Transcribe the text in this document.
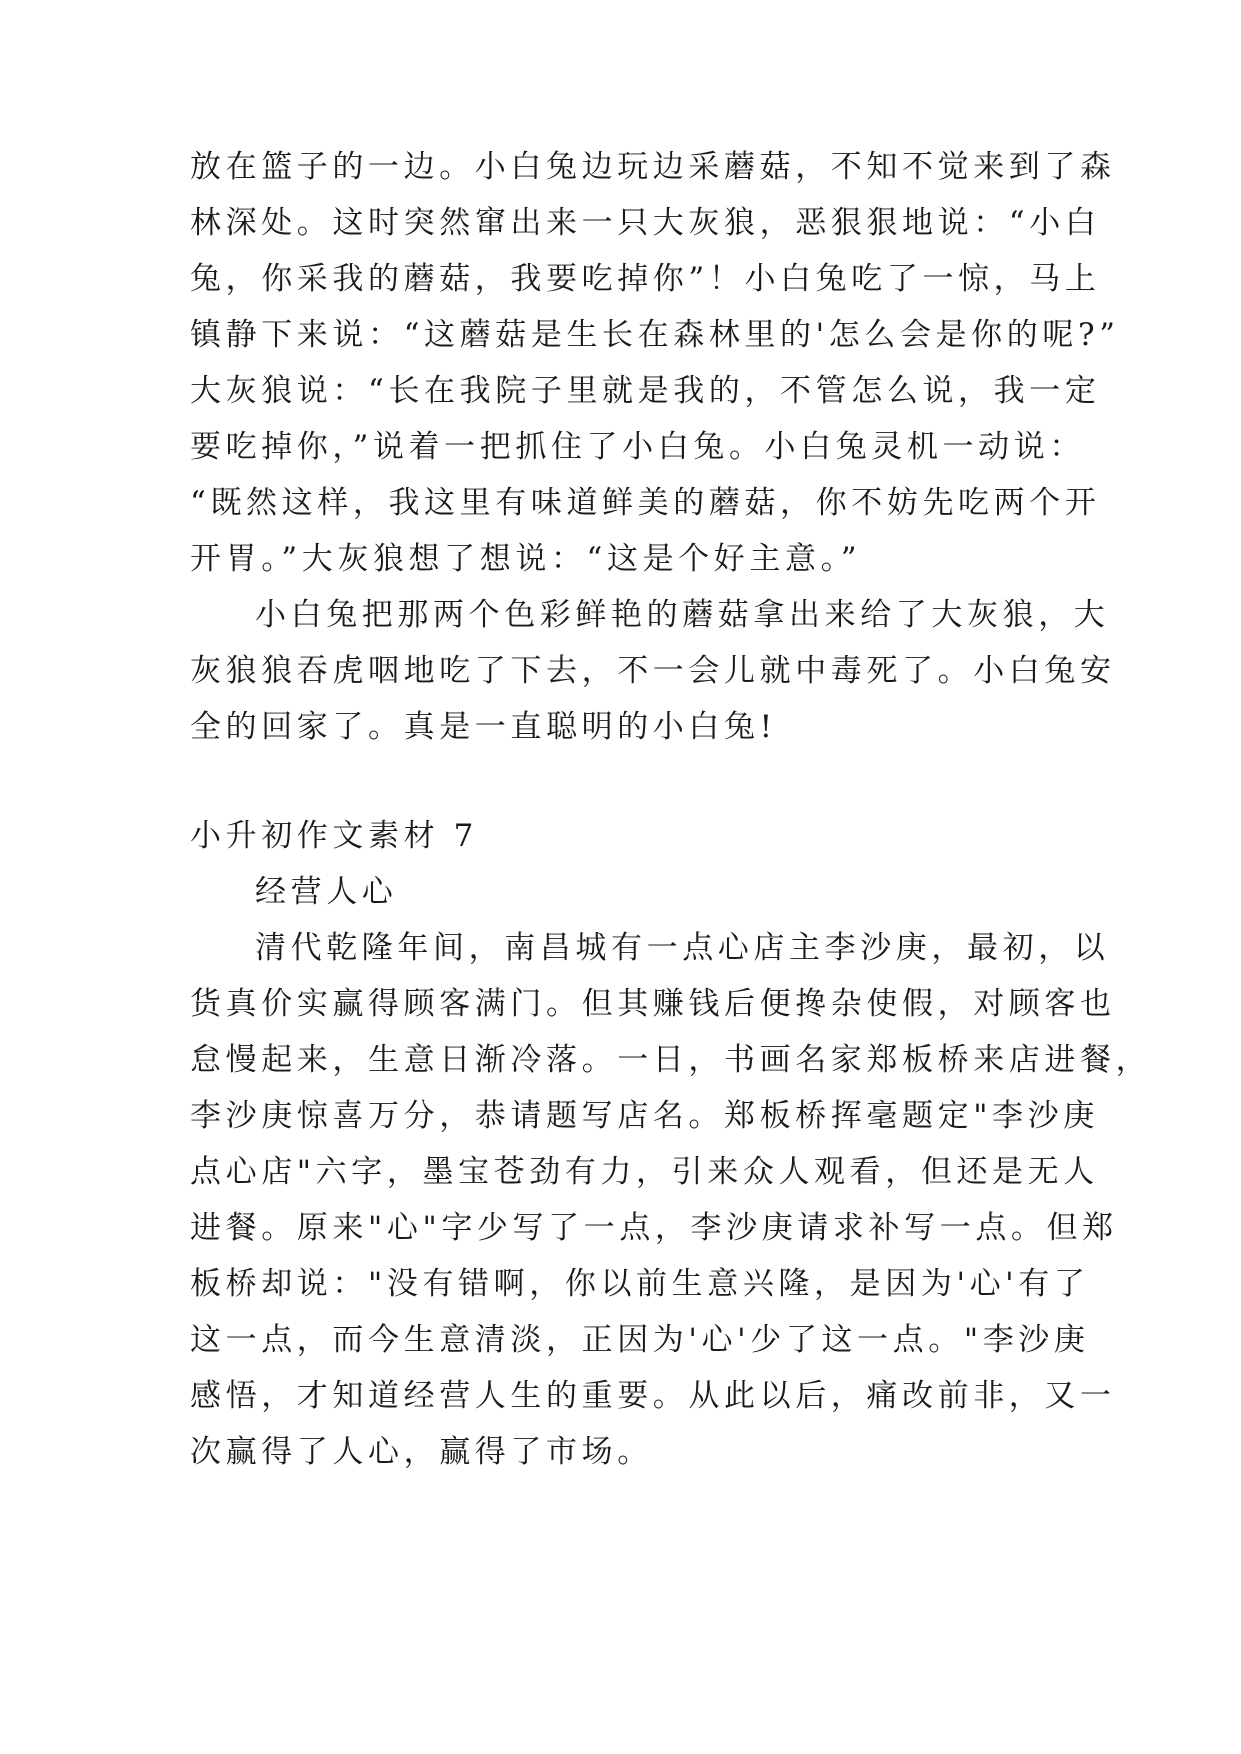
放在篮子的一边。小白兔边玩边采蘑菇，不知不觉来到了森
林深处。这时突然窜出来一只大灰狼，恶狠狠地说：“小白
兔，你采我的蘑菇，我要吃掉你”！小白兔吃了一惊，马上
镇静下来说：“这蘑菇是生长在森林里的'怎么会是你的呢?”
大灰狼说：“长在我院子里就是我的，不管怎么说，我一定
要吃掉你，”说着一把抓住了小白兔。小白兔灵机一动说：
“既然这样，我这里有味道鲜美的蘑菇，你不妨先吃两个开
开胃。”大灰狼想了想说：“这是个好主意。”
小白兔把那两个色彩鲜艳的蘑菇拿出来给了大灰狼，大
灰狼狼吞虎咽地吃了下去，不一会儿就中毒死了。小白兔安
全的回家了。真是一直聪明的小白兔!
小升初作文素材 7
经营人心
清代乾隆年间，南昌城有一点心店主李沙庚，最初，以
货真价实赢得顾客满门。但其赚钱后便搀杂使假，对顾客也
怠慢起来，生意日渐冷落。一日，书画名家郑板桥来店进餐，
李沙庚惊喜万分，恭请题写店名。郑板桥挥毫题定"李沙庚
点心店"六字，墨宝苍劲有力，引来众人观看，但还是无人
进餐。原来"心"字少写了一点，李沙庚请求补写一点。但郑
板桥却说："没有错啊，你以前生意兴隆，是因为'心'有了
这一点，而今生意清淡，正因为'心'少了这一点。"李沙庚
感悟，才知道经营人生的重要。从此以后，痛改前非，又一
次赢得了人心，赢得了市场。
